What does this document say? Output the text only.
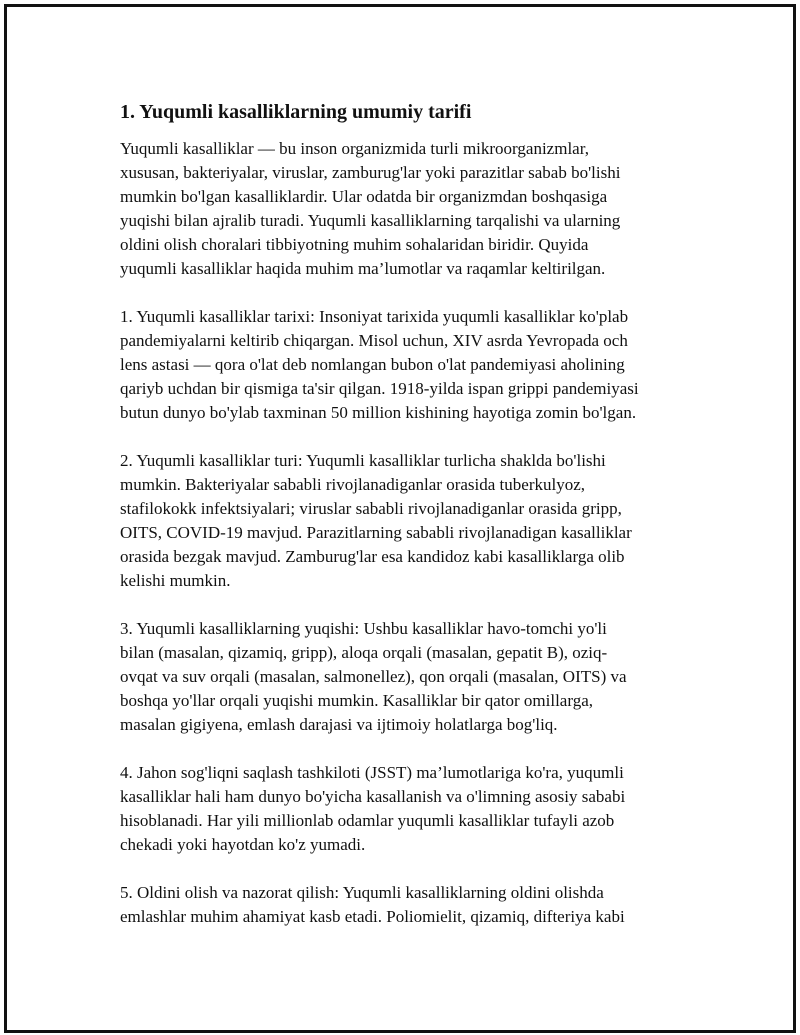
1. Yuqumli kasalliklarning umumiy tarifi
Yuqumli kasalliklar — bu inson organizmida turli mikroorganizmlar,
xususan, bakteriyalar, viruslar, zamburug'lar yoki parazitlar sabab bo'lishi
mumkin bo'lgan kasalliklardir. Ular odatda bir organizmdan boshqasiga
yuqishi bilan ajralib turadi. Yuqumli kasalliklarning tarqalishi va ularning
oldini olish choralari tibbiyotning muhim sohalaridan biridir. Quyida
yuqumli kasalliklar haqida muhim ma’lumotlar va raqamlar keltirilgan.
1. Yuqumli kasalliklar tarixi: Insoniyat tarixida yuqumli kasalliklar ko'plab
pandemiyalarni keltirib chiqargan. Misol uchun, XIV asrda Yevropada och
lens astasi — qora o'lat deb nomlangan bubon o'lat pandemiyasi aholining
qariyb uchdan bir qismiga ta'sir qilgan. 1918-yilda ispan grippi pandemiyasi
butun dunyo bo'ylab taxminan 50 million kishining hayotiga zomin bo'lgan.
2. Yuqumli kasalliklar turi: Yuqumli kasalliklar turlicha shaklda bo'lishi
mumkin. Bakteriyalar sababli rivojlanadiganlar orasida tuberkulyoz,
stafilokokk infektsiyalari; viruslar sababli rivojlanadiganlar orasida gripp,
OITS, COVID-19 mavjud. Parazitlarning sababli rivojlanadigan kasalliklar
orasida bezgak mavjud. Zamburug'lar esa kandidoz kabi kasalliklarga olib
kelishi mumkin.
3. Yuqumli kasalliklarning yuqishi: Ushbu kasalliklar havo-tomchi yo'li
bilan (masalan, qizamiq, gripp), aloqa orqali (masalan, gepatit B), oziq-
ovqat va suv orqali (masalan, salmonellez), qon orqali (masalan, OITS) va
boshqa yo'llar orqali yuqishi mumkin. Kasalliklar bir qator omillarga,
masalan gigiyena, emlash darajasi va ijtimoiy holatlarga bog'liq.
4. Jahon sog'liqni saqlash tashkiloti (JSST) ma’lumotlariga ko'ra, yuqumli
kasalliklar hali ham dunyo bo'yicha kasallanish va o'limning asosiy sababi
hisoblanadi. Har yili millionlab odamlar yuqumli kasalliklar tufayli azob
chekadi yoki hayotdan ko'z yumadi.
5. Oldini olish va nazorat qilish: Yuqumli kasalliklarning oldini olishda
emlashlar muhim ahamiyat kasb etadi. Poliomielit, qizamiq, difteriya kabi
